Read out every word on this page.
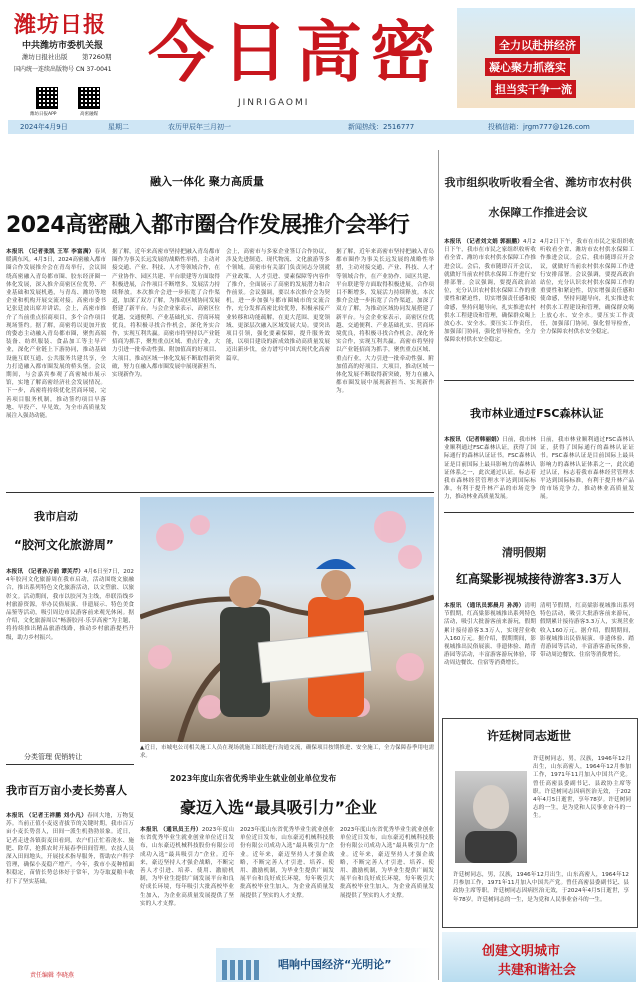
潍坊日报
中共潍坊市委机关报
潍坊日报社出版 第7260期
国内统一连续出版物号 CN 37-0041
潍坊日报APP	高密融媒
今日高密
JINRIGAOMI
全力以赴拼经济
凝心聚力抓落实
担当实干争一流
2024年4月9日	星期二	农历甲辰年三月初一	新闻热线：2516777	投稿信箱：jrgm777@126.com
融入一体化 聚力高质量
2024高密融入都市圈合作发展推介会举行
本报讯 （记者张凯 王军 李富满）春风暖满东风。4月3日，2024高密融入都市圈合作发展推介会在青岛举行，会议围绕高密融入青岛都市圈、胶东经济圈一体化发展，深入推介高密区位优势、产业基础和发展机遇，与青岛、潍坊等地企业和机构开展交流对接。高密市委书记张廷波出席并讲话。会上，高密市推介了当前重点招商项目，多个合作项目现场签约。据了解，高密将以更加开放的姿态主动融入青岛都市圈，聚焦高端装备、纺织服装、食品加工等主导产业，深化产业链上下游协同，推动基础设施互联互通、公共服务共建共享，全力打造融入都市圈发展的桥头堡。会议期间，与会嘉宾参观了高密城市展示馆，实地了解高密经济社会发展情况。下一步，高密将持续优化营商环境，完善项目服务机制，推动签约项目早落地、早投产、早见效，为全市高质量发展注入强劲动能。
据了解，近年来高密市坚持把融入青岛都市圈作为事关长远发展的战略性举措，主动对接交通、产业、科技、人才等领域合作，在产业协作、园区共建、平台联建等方面取得积极进展，合作项目不断增多，发展活力持续释放。本次推介会进一步拓宽了合作渠道，加深了双方了解，为推动区域协同发展搭建了新平台。与会企业家表示，高密区位优越、交通便利、产业基础扎实、营商环境优良，将积极寻找合作机会，深化务实合作，实现互利共赢。高密市将坚持以产业链招商为抓手，聚焦重点区域、重点行业，大力引进一批牵动性强、附加值高的好项目、大项目，推动区域一体化发展不断取得新突破，努力在融入都市圈发展中展现新担当、实现新作为。
会上，高密市与多家企业签订合作协议，涉及先进制造、现代物流、文化旅游等多个领域。高密市有关部门负责同志分别就产业政策、人才引进、要素保障等内容作了推介，全面展示了高密的发展潜力和合作前景。会议强调，要以本次推介会为契机，进一步加强与都市圈城市的交流合作，充分发挥高密比较优势，积极承接产业转移和功能疏解，在更大范围、更宽领域、更深层次融入区域发展大局。要突出项目引领，强化要素保障，提升服务效能，以项目建设的新成效推动高质量发展迈出新步伐，奋力谱写中国式现代化高密篇章。
据了解，近年来高密市坚持把融入青岛都市圈作为事关长远发展的战略性举措，主动对接交通、产业、科技、人才等领域合作，在产业协作、园区共建、平台联建等方面取得积极进展，合作项目不断增多，发展活力持续释放。本次推介会进一步拓宽了合作渠道，加深了双方了解，为推动区域协同发展搭建了新平台。与会企业家表示，高密区位优越、交通便利、产业基础扎实、营商环境优良，将积极寻找合作机会，深化务实合作，实现互利共赢。高密市将坚持以产业链招商为抓手，聚焦重点区域、重点行业，大力引进一批牵动性强、附加值高的好项目、大项目，推动区域一体化发展不断取得新突破，努力在融入都市圈发展中展现新担当、实现新作为。
我市启动
“胶河文化旅游周”
本报讯 （记者孙万前 谭芙芹）4月6日至7日，2024年胶河文化旅游周在我市启动，活动围绕文旅融合，推出系列特色文化旅游活动，以文塑旅、以旅彰文。活动期间，我市以胶河为主线，串联沿线乡村旅游资源，举办民俗展演、非遗展示、特色美食品鉴等活动，吸引周边市民游客前来观光休闲。据介绍，文化旅游周以“畅游胶河·乐享高密”为主题，将持续推出精品旅游线路，推动乡村旅游提档升级，助力乡村振兴。
分类管理 促销转让
我市百万亩小麦长势喜人
本报讯 （记者王祥鹏 刘小凡）春回大地，万物复苏。当前正值小麦返青拔节的关键时期，我市百万亩小麦长势喜人，田间一派生机勃勃景象。近日，记者走进各镇街麦田看到，农户们正忙着浇水、施肥、除草，抢抓农时开展春季田间管理。农技人员深入田间地头，开展技术指导服务，帮助农户科学管理，确保小麦稳产增产。今年，我市小麦种植面积稳定，苗情长势总体好于常年，为夺取夏粮丰收打下了坚实基础。
责任编辑 李晓燕
▲近日，市城电公司相关施工人员在现场就施工图纸进行沟通交流，确保项目按期推进、安全施工，全力保障春季用电需求。
2023年度山东省优秀毕业生就业创业单位发布
豪迈入选“最具吸引力”企业
本报讯 （通讯员王丹）2023年度山东省优秀毕业生就业创业单位近日发布，山东豪迈机械科技股份有限公司成功入选“最具吸引力”企业。近年来，豪迈坚持人才强企战略，不断完善人才引进、培养、使用、激励机制，为毕业生提供广阔发展平台和良好成长环境，每年吸引大批高校毕业生加入，为企业高质量发展提供了坚实的人才支撑。
2023年度山东省优秀毕业生就业创业单位近日发布，山东豪迈机械科技股份有限公司成功入选“最具吸引力”企业。近年来，豪迈坚持人才强企战略，不断完善人才引进、培养、使用、激励机制，为毕业生提供广阔发展平台和良好成长环境，每年吸引大批高校毕业生加入，为企业高质量发展提供了坚实的人才支撑。
2023年度山东省优秀毕业生就业创业单位近日发布，山东豪迈机械科技股份有限公司成功入选“最具吸引力”企业。近年来，豪迈坚持人才强企战略，不断完善人才引进、培养、使用、激励机制，为毕业生提供广阔发展平台和良好成长环境，每年吸引大批高校毕业生加入，为企业高质量发展提供了坚实的人才支撑。
唱响中国经济“光明论”
我市组织收听收看全省、潍坊市农村供水保障工作推进会议
本报讯 （记者刘文娟 郭振鹏）4月2日下午，我市在市民之家组织收听收看全省、潍坊市农村供水保障工作推进会议。会后，我市随即召开会议，就做好当前农村供水保障工作进行安排部署。会议强调，要提高政治站位，充分认识农村供水保障工作的重要性和紧迫性，切实增强责任感和使命感，坚持问题导向，扎实推进农村供水工程建设和管理，确保群众喝上放心水、安全水。要压实工作责任，加强部门协同，强化督导检查，全力保障农村供水安全稳定。
4月2日下午，我市在市民之家组织收听收看全省、潍坊市农村供水保障工作推进会议。会后，我市随即召开会议，就做好当前农村供水保障工作进行安排部署。会议强调，要提高政治站位，充分认识农村供水保障工作的重要性和紧迫性，切实增强责任感和使命感，坚持问题导向，扎实推进农村供水工程建设和管理，确保群众喝上放心水、安全水。要压实工作责任，加强部门协同，强化督导检查，全力保障农村供水安全稳定。
我市林业通过FSC森林认证
本报讯 （记者韩丽娟）日前，我市林业顺利通过FSC森林认证，获得了国际通行的森林认证证书。FSC森林认证是目前国际上最具影响力的森林认证体系之一，此次通过认证，标志着我市森林经营管理水平达到国际标准，有利于提升林产品的市场竞争力，推动林业高质量发展。
日前，我市林业顺利通过FSC森林认证，获得了国际通行的森林认证证书。FSC森林认证是目前国际上最具影响力的森林认证体系之一，此次通过认证，标志着我市森林经营管理水平达到国际标准，有利于提升林产品的市场竞争力，推动林业高质量发展。
清明假期
红高粱影视城接待游客3.3万人
本报讯 （通讯员郭晨月 孙涛）清明节假期，红高粱影视城推出系列特色活动，吸引大批游客前来游玩，假期累计接待游客3.3万人，实现营业收入160万元。据介绍，假期期间，影视城推出民俗展演、非遗体验、踏青游园等活动，丰富游客游玩体验，带动周边餐饮、住宿等消费增长。
清明节假期，红高粱影视城推出系列特色活动，吸引大批游客前来游玩，假期累计接待游客3.3万人，实现营业收入160万元。据介绍，假期期间，影视城推出民俗展演、非遗体验、踏青游园等活动，丰富游客游玩体验，带动周边餐饮、住宿等消费增长。
许廷树同志逝世
许廷树同志，男，汉族，1946年12月出生，山东高密人，1964年12月参加工作，1971年11月加入中国共产党。曾任高密县委副书记、县政协主席等职。许廷树同志因病医治无效，于2024年4月5日逝世，享年78岁。许廷树同志的一生，是为党和人民事业奋斗的一生。
许廷树同志，男，汉族，1946年12月出生，山东高密人，1964年12月参加工作，1971年11月加入中国共产党。曾任高密县委副书记、县政协主席等职。许廷树同志因病医治无效，于2024年4月5日逝世，享年78岁。许廷树同志的一生，是为党和人民事业奋斗的一生。
创建文明城市
共建和谐社会
